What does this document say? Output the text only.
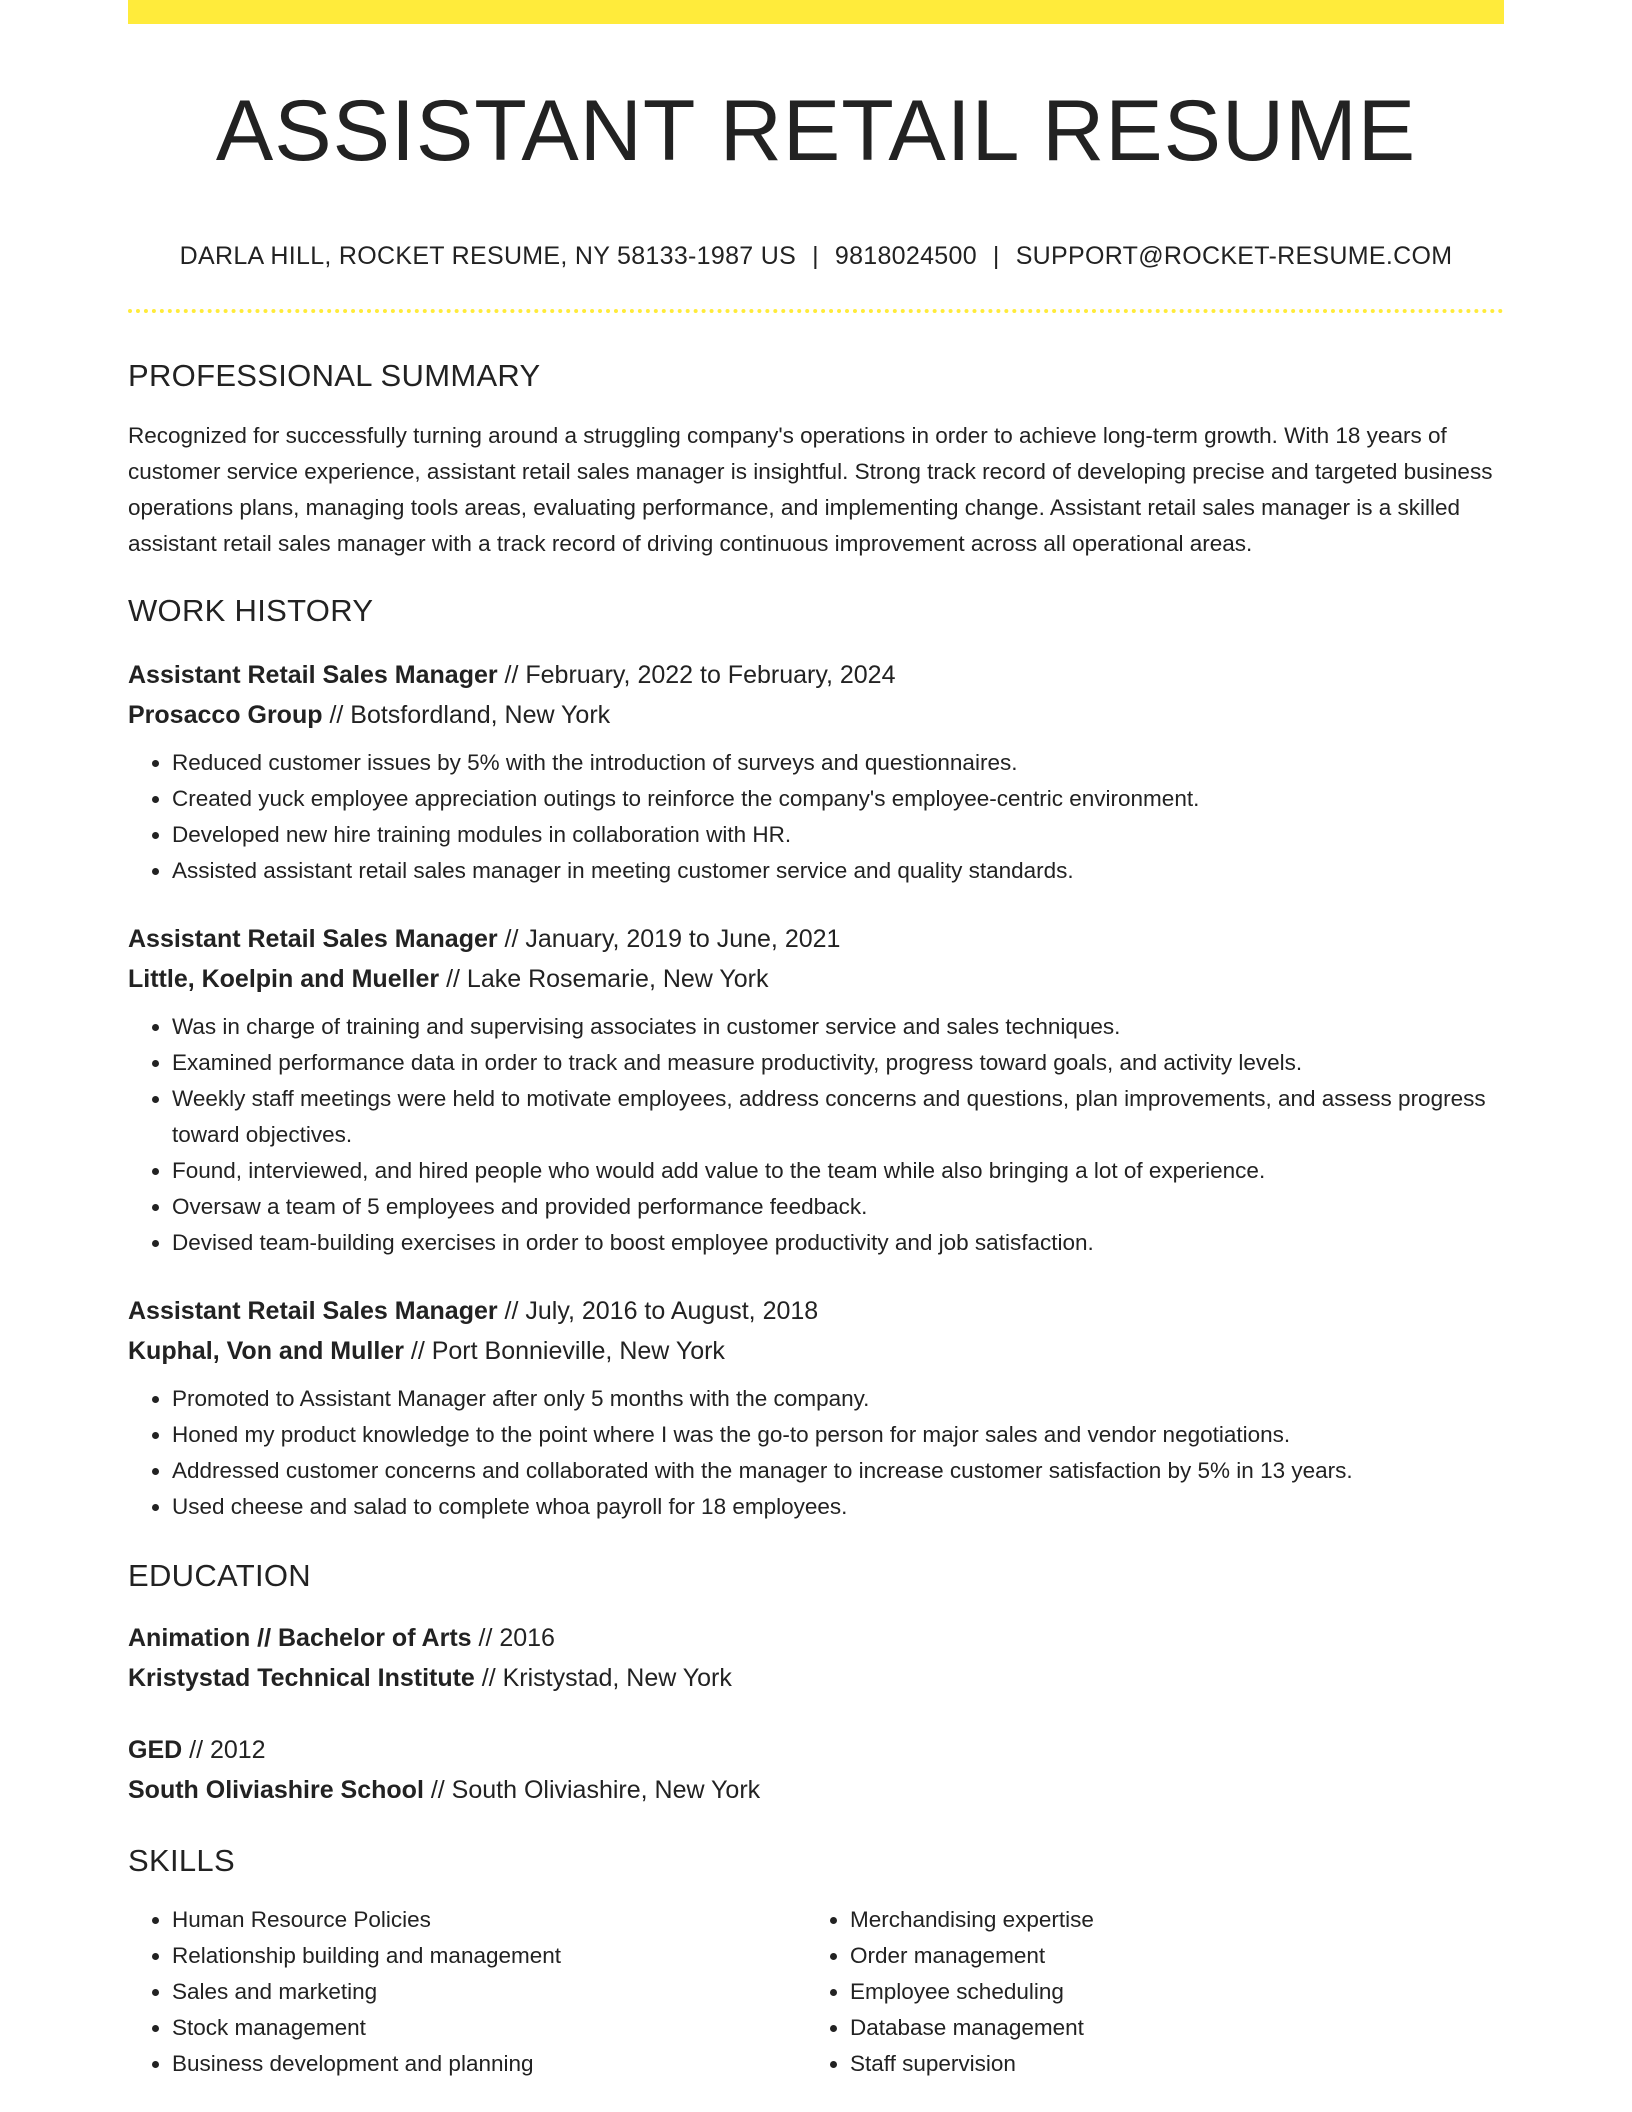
ASSISTANT RETAIL RESUME
DARLA HILL, ROCKET RESUME, NY 58133-1987 US | 9818024500 | SUPPORT@ROCKET-RESUME.COM
PROFESSIONAL SUMMARY

Recognized for successfully turning around a struggling company's operations in order to achieve long-term growth. With 18 years of customer service experience, assistant retail sales manager is insightful. Strong track record of developing precise and targeted business operations plans, managing tools areas, evaluating performance, and implementing change. Assistant retail sales manager is a skilled assistant retail sales manager with a track record of driving continuous improvement across all operational areas.

WORK HISTORY
Assistant Retail Sales Manager // February, 2022 to February, 2024
Prosacco Group // Botsfordland, New York
• Reduced customer issues by 5% with the introduction of surveys and questionnaires.
• Created yuck employee appreciation outings to reinforce the company's employee-centric environment.
• Developed new hire training modules in collaboration with HR.
• Assisted assistant retail sales manager in meeting customer service and quality standards.
Assistant Retail Sales Manager // January, 2019 to June, 2021
Little, Koelpin and Mueller // Lake Rosemarie, New York
• Was in charge of training and supervising associates in customer service and sales techniques.
• Examined performance data in order to track and measure productivity, progress toward goals, and activity levels.
• Weekly staff meetings were held to motivate employees, address concerns and questions, plan improvements, and assess progress toward objectives.
• Found, interviewed, and hired people who would add value to the team while also bringing a lot of experience.
• Oversaw a team of 5 employees and provided performance feedback.
• Devised team-building exercises in order to boost employee productivity and job satisfaction.
Assistant Retail Sales Manager // July, 2016 to August, 2018
Kuphal, Von and Muller // Port Bonnieville, New York
• Promoted to Assistant Manager after only 5 months with the company.
• Honed my product knowledge to the point where I was the go-to person for major sales and vendor negotiations.
• Addressed customer concerns and collaborated with the manager to increase customer satisfaction by 5% in 13 years.
• Used cheese and salad to complete whoa payroll for 18 employees.
EDUCATION
Animation // Bachelor of Arts // 2016
Kristystad Technical Institute // Kristystad, New York
GED // 2012
South Oliviashire School // South Oliviashire, New York
SKILLS
• Human Resource Policies
• Relationship building and management
• Sales and marketing
• Stock management
• Business development and planning
• Merchandising expertise
• Order management
• Employee scheduling
• Database management
• Staff supervision
